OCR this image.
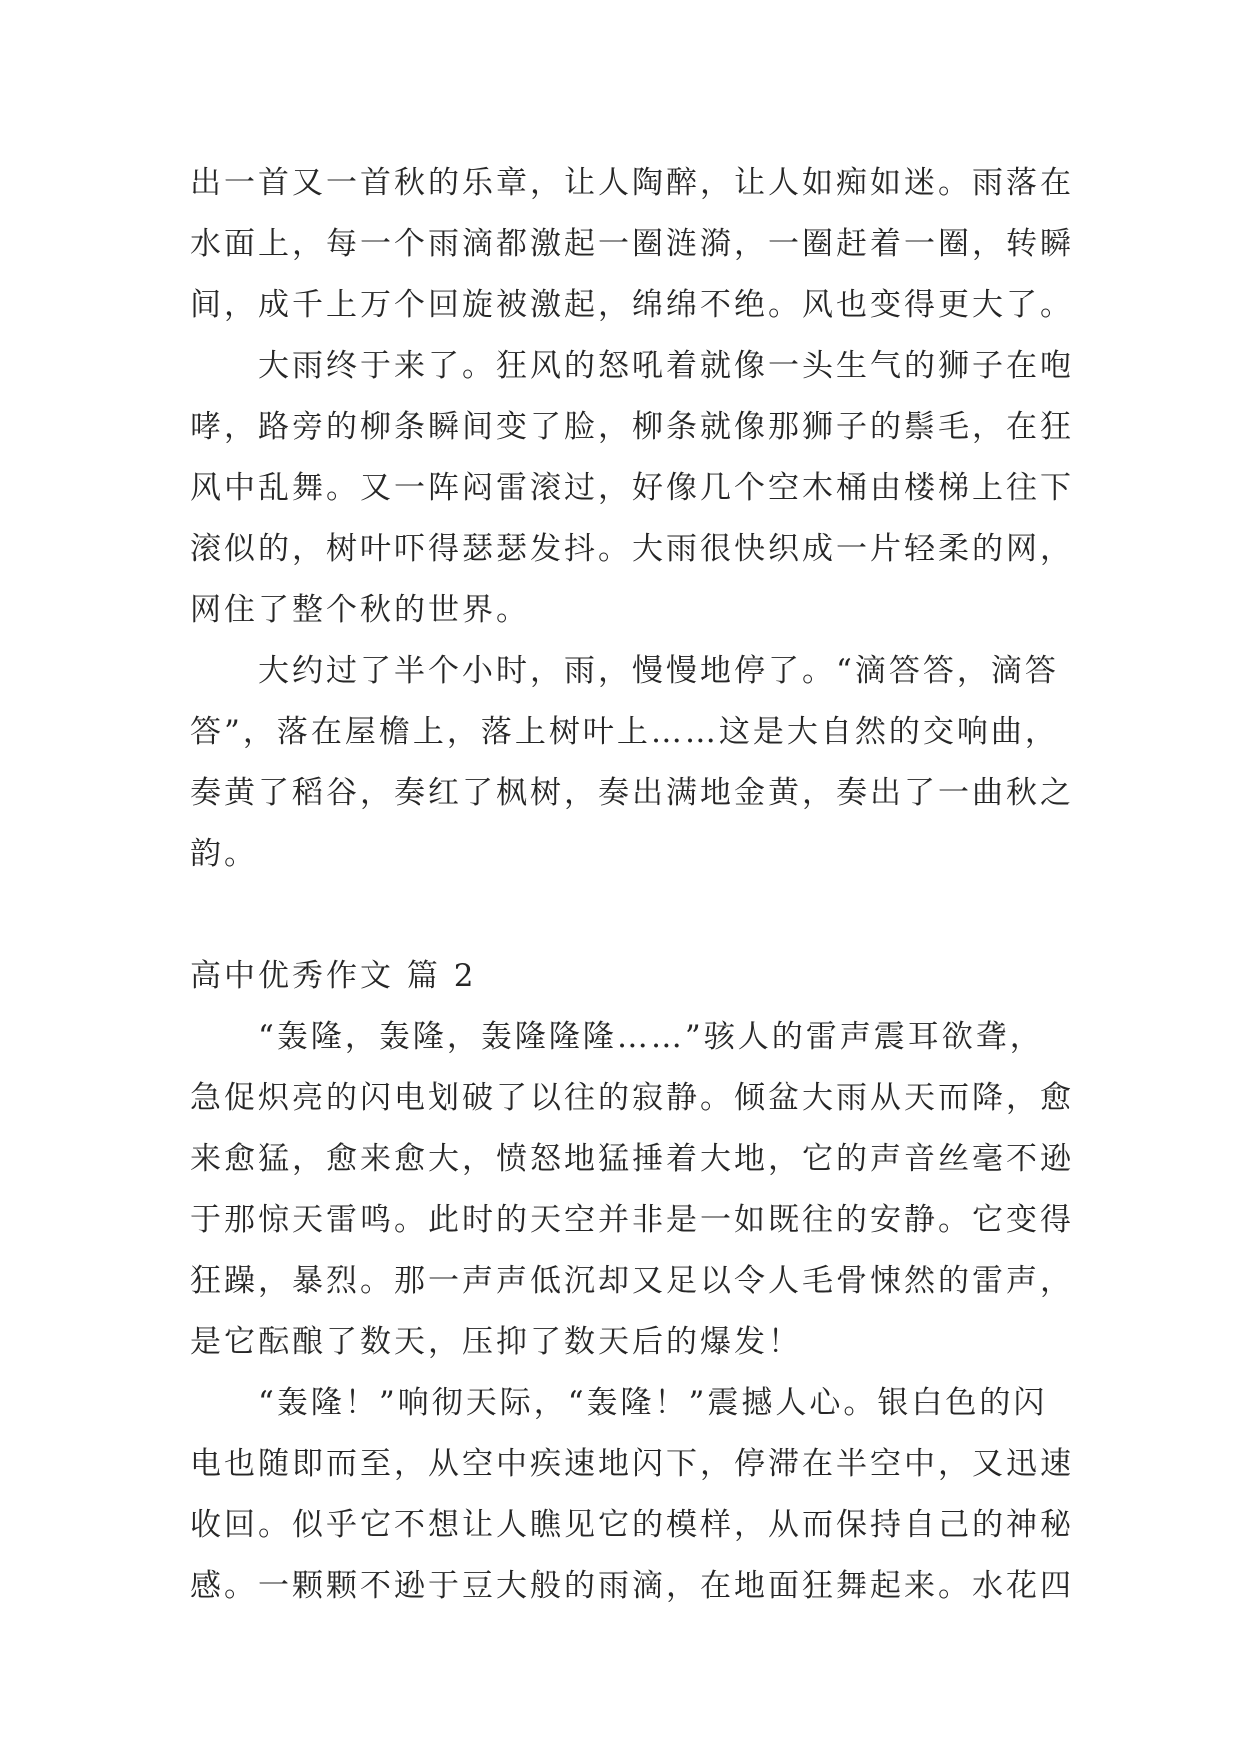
出一首又一首秋的乐章，让人陶醉，让人如痴如迷。雨落在
水面上，每一个雨滴都激起一圈涟漪，一圈赶着一圈，转瞬
间，成千上万个回旋被激起，绵绵不绝。风也变得更大了。
大雨终于来了。狂风的怒吼着就像一头生气的狮子在咆
哮，路旁的柳条瞬间变了脸，柳条就像那狮子的鬃毛，在狂
风中乱舞。又一阵闷雷滚过，好像几个空木桶由楼梯上往下
滚似的，树叶吓得瑟瑟发抖。大雨很快织成一片轻柔的网，
网住了整个秋的世界。
大约过了半个小时，雨，慢慢地停了。“滴答答，滴答
答”，落在屋檐上，落上树叶上……这是大自然的交响曲，
奏黄了稻谷，奏红了枫树，奏出满地金黄，奏出了一曲秋之
韵。
高中优秀作文 篇 2
“轰隆，轰隆，轰隆隆隆……”骇人的雷声震耳欲聋，
急促炽亮的闪电划破了以往的寂静。倾盆大雨从天而降，愈
来愈猛，愈来愈大，愤怒地猛捶着大地，它的声音丝毫不逊
于那惊天雷鸣。此时的天空并非是一如既往的安静。它变得
狂躁，暴烈。那一声声低沉却又足以令人毛骨悚然的雷声，
是它酝酿了数天，压抑了数天后的爆发！
“轰隆！”响彻天际，“轰隆！”震撼人心。银白色的闪
电也随即而至，从空中疾速地闪下，停滞在半空中，又迅速
收回。似乎它不想让人瞧见它的模样，从而保持自己的神秘
感。一颗颗不逊于豆大般的雨滴，在地面狂舞起来。水花四
